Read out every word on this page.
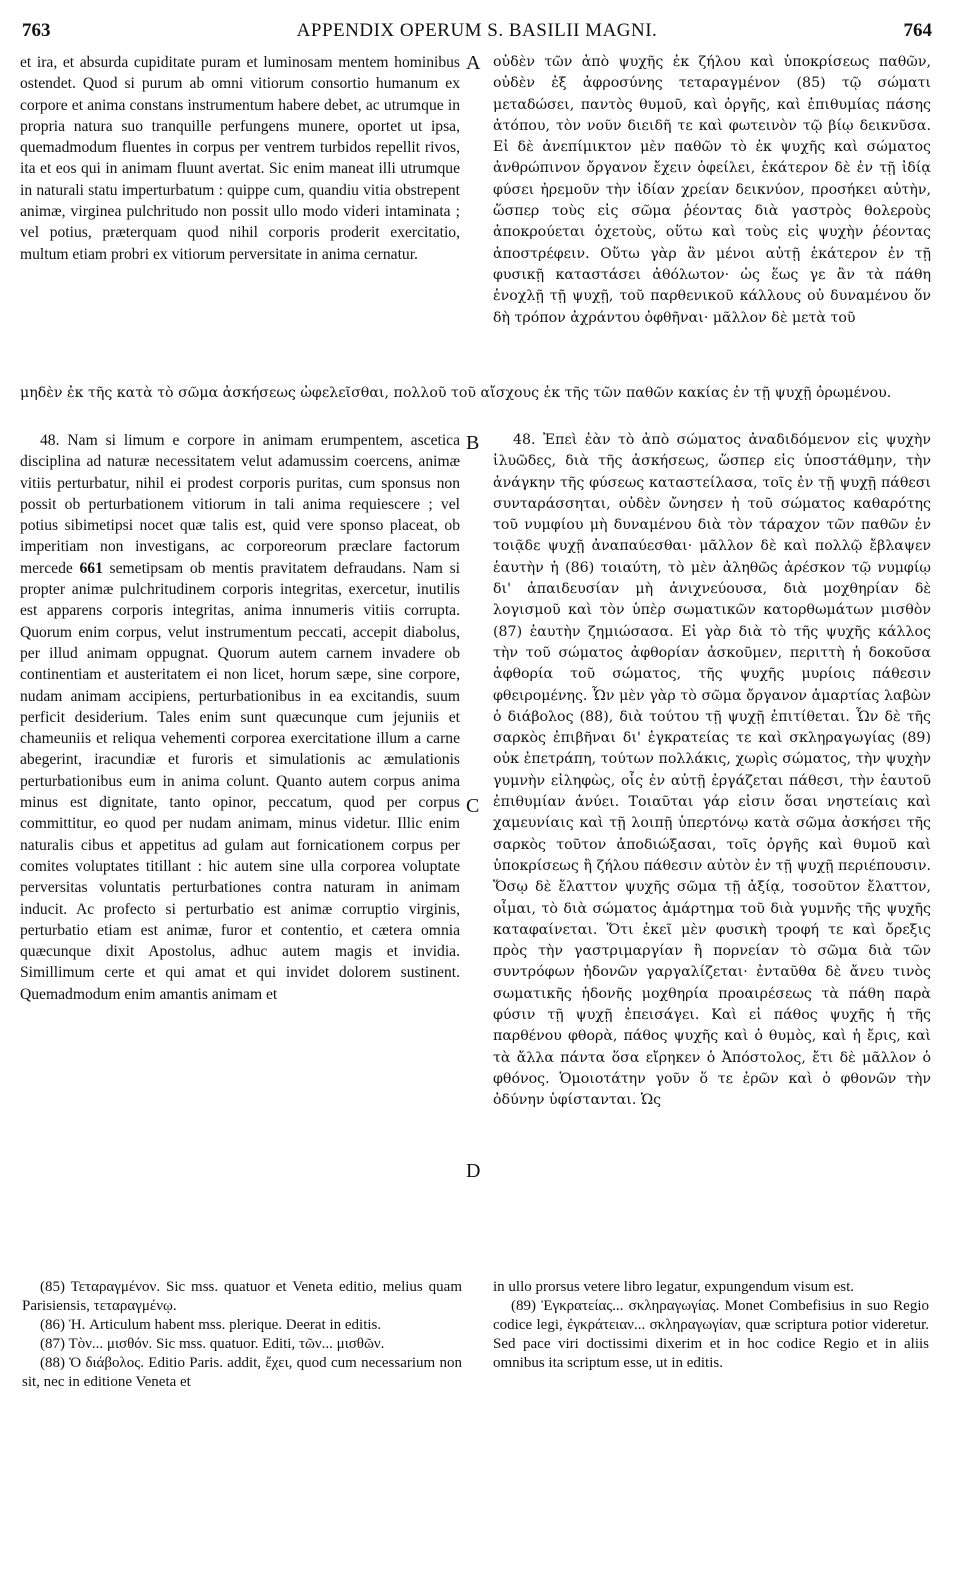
763	APPENDIX OPERUM S. BASILII MAGNI.	764

et ira, et absurda cupiditate puram et luminosam mentem hominibus ostendet. Quod si purum ab omni vitiorum consortio humanum ex corpore et anima constans instrumentum habere debet, ac utrumque in propria natura suo tranquille perfungens munere, oportet ut ipsa, quemadmodum fluentes in corpus per ventrem turbidos repellit rivos, ita et eos qui in animam fluunt avertat. Sic enim maneat illi utrumque in naturali statu imperturbatum : quippe cum, quandiu vitia obstrepent animæ, virginea pulchritudo non possit ullo modo videri intaminata ; vel potius, præterquam quod nihil corporis proderit exercitatio, multum etiam probri ex vitiorum perversitate in anima cernatur.

A οὐδὲν τῶν ἀπὸ ψυχῆς ἐκ ζήλου καὶ ὑποκρίσεως παθῶν, οὐδὲν ἐξ ἀφροσύνης τεταραγμένον (85) τῷ σώματι μεταδώσει, παντὸς θυμοῦ, καὶ ὀργῆς, καὶ ἐπιθυμίας πάσης ἀτόπου, τὸν νοῦν διειδῆ τε καὶ φωτεινὸν τῷ βίῳ δεικνῦσα. Εἰ δὲ ἀνεπίμικτον μὲν παθῶν τὸ ἐκ ψυχῆς καὶ σώματος ἀνθρώπινον ὄργανον ἔχειν ὀφείλει, ἑκάτερον δὲ ἐν τῇ ἰδίᾳ φύσει ἠρεμοῦν τὴν ἰδίαν χρείαν δεικνύον, προσήκει αὐτὴν, ὥσπερ τοὺς εἰς σῶμα ῥέοντας διὰ γαστρὸς θολεροὺς ἀποκρούεται ὀχετοὺς, οὕτω καὶ τοὺς εἰς ψυχὴν ῥέοντας ἀποστρέφειν. Οὕτω γὰρ ἂν μένοι αὐτῇ ἑκάτερον ἐν τῇ φυσικῇ καταστάσει ἀθόλωτον· ὡς ἕως γε ἂν τὰ πάθη ἐνοχλῇ τῇ ψυχῇ, τοῦ παρθενικοῦ κάλλους οὐ δυναμένου ὅν δὴ τρόπον ἀχράντου ὀφθῆναι· μᾶλλον δὲ μετὰ τοῦ

μηδὲν ἐκ τῆς κατὰ τὸ σῶμα ἀσκήσεως ὠφελεῖσθαι, πολλοῦ τοῦ αἴσχους ἐκ τῆς τῶν παθῶν κακίας ἐν τῇ ψυχῇ ὁρωμένου.

48. Nam si limum e corpore in animam erumpentem, ascetica disciplina ad naturæ necessitatem velut adamussim coercens, animæ vitiis perturbatur, nihil ei prodest corporis puritas, cum sponsus non possit ob perturbationem vitiorum in tali anima requiescere ; vel potius sibimetipsi nocet quæ talis est, quid vere sponso placeat, ob imperitiam non investigans, ac corporeorum præclare factorum mercede 661 semetipsam ob mentis pravitatem defraudans. Nam si propter animæ pulchritudinem corporis integritas, exercetur, inutilis est apparens corporis integritas, anima innumeris vitiis corrupta. Quorum enim corpus, velut instrumentum peccati, accepit diabolus, per illud animam oppugnat. Quorum autem carnem invadere ob continentiam et austeritatem ei non licet, horum sæpe, sine corpore, nudam animam accipiens, perturbationibus in ea excitandis, suum perficit desiderium. Tales enim sunt quæcunque cum jejuniis et chameuniis et reliqua vehementi corporea exercitatione illum a carne abegerint, iracundiæ et furoris et simulationis ac æmulationis perturbationibus eum in anima colunt. Quanto autem corpus anima minus est dignitate, tanto opinor, peccatum, quod per corpus committitur, eo quod per nudam animam, minus videtur. Illic enim naturalis cibus et appetitus ad gulam aut fornicationem corpus per comites voluptates titillant : hic autem sine ulla corporea voluptate perversitas voluntatis perturbationes contra naturam in animam inducit. Ac profecto si perturbatio est animæ corruptio virginis, perturbatio etiam est animæ, furor et contentio, et cætera omnia quæcunque dixit Apostolus, adhuc autem magis et invidia. Simillimum certe et qui amat et qui invidet dolorem sustinent. Quemadmodum enim amantis animam et

B
C
D

48. Ἐπεὶ ἐὰν τὸ ἀπὸ σώματος ἀναδιδόμενον εἰς ψυχὴν ἰλυῶδες, διὰ τῆς ἀσκήσεως, ὥσπερ εἰς ὑποστάθμην, τὴν ἀνάγκην τῆς φύσεως καταστείλασα, τοῖς ἐν τῇ ψυχῇ πάθεσι συνταράσσηται, οὐδὲν ὤνησεν ἡ τοῦ σώματος καθαρότης τοῦ νυμφίου μὴ δυναμένου διὰ τὸν τάραχον τῶν παθῶν ἐν τοιᾷδε ψυχῇ ἀναπαύεσθαι· μᾶλλον δὲ καὶ πολλῷ ἔβλαψεν ἑαυτὴν ἡ (86) τοιαύτη, τὸ μὲν ἀληθῶς ἀρέσκον τῷ νυμφίῳ δι' ἀπαιδευσίαν μὴ ἀνιχνεύουσα, διὰ μοχθηρίαν δὲ λογισμοῦ καὶ τὸν ὑπὲρ σωματικῶν κατορθωμάτων μισθὸν (87) ἑαυτὴν ζημιώσασα. Εἰ γὰρ διὰ τὸ τῆς ψυχῆς κάλλος τὴν τοῦ σώματος ἀφθορίαν ἀσκοῦμεν, περιττὴ ἡ δοκοῦσα ἀφθορία τοῦ σώματος, τῆς ψυχῆς μυρίοις πάθεσιν φθειρομένης. Ὧν μὲν γὰρ τὸ σῶμα ὄργανον ἁμαρτίας λαβὼν ὁ διάβολος (88), διὰ τούτου τῇ ψυχῇ ἐπιτίθεται. Ὧν δὲ τῆς σαρκὸς ἐπιβῆναι δι' ἐγκρατείας τε καὶ σκληραγωγίας (89) οὐκ ἐπετράπη, τούτων πολλάκις, χωρὶς σώματος, τὴν ψυχὴν γυμνὴν εἰληφὼς, οἷς ἐν αὐτῇ ἐργάζεται πάθεσι, τὴν ἑαυτοῦ ἐπιθυμίαν ἀνύει. Τοιαῦται γάρ εἰσιν ὅσαι νηστείαις καὶ χαμευνίαις καὶ τῇ λοιπῇ ὑπερτόνῳ κατὰ σῶμα ἀσκήσει τῆς σαρκὸς τοῦτον ἀποδιώξασαι, τοῖς ὀργῆς καὶ θυμοῦ καὶ ὑποκρίσεως ἢ ζήλου πάθεσιν αὐτὸν ἐν τῇ ψυχῇ περιέπουσιν. Ὅσῳ δὲ ἔλαττον ψυχῆς σῶμα τῇ ἀξίᾳ, τοσοῦτον ἔλαττον, οἶμαι, τὸ διὰ σώματος ἁμάρτημα τοῦ διὰ γυμνῆς τῆς ψυχῆς καταφαίνεται. Ὅτι ἐκεῖ μὲν φυσικὴ τροφή τε καὶ ὄρεξις πρὸς τὴν γαστριμαργίαν ἢ πορνείαν τὸ σῶμα διὰ τῶν συντρόφων ἡδονῶν γαργαλίζεται· ἐνταῦθα δὲ ἄνευ τινὸς σωματικῆς ἡδονῆς μοχθηρία προαιρέσεως τὰ πάθη παρὰ φύσιν τῇ ψυχῇ ἐπεισάγει. Καὶ εἰ πάθος ψυχῆς ἡ τῆς παρθένου φθορὰ, πάθος ψυχῆς καὶ ὁ θυμὸς, καὶ ἡ ἔρις, καὶ τὰ ἄλλα πάντα ὅσα εἴρηκεν ὁ Ἀπόστολος, ἔτι δὲ μᾶλλον ὁ φθόνος. Ὁμοιοτάτην γοῦν ὅ τε ἐρῶν καὶ ὁ φθονῶν τὴν ὀδύνην ὑφίστανται. Ὡς

(85) Τεταραγμένον. Sic mss. quatuor et Veneta editio, melius quam Parisiensis, τεταραγμένῳ.

(86) Ἡ. Articulum habent mss. plerique. Deerat in editis.

(87) Τὸν... μισθόν. Sic mss. quatuor. Editi, τῶν... μισθῶν.

(88) Ὁ διάβολος. Editio Paris. addit, ἔχει, quod cum necessarium non sit, nec in editione Veneta et

in ullo prorsus vetere libro legatur, expungendum visum est.

(89) Ἐγκρατείας... σκληραγωγίας. Monet Combefisius in suo Regio codice legi, ἐγκράτειαν... σκληραγωγίαν, quæ scriptura potior videretur. Sed pace viri doctissimi dixerim et in hoc codice Regio et in aliis omnibus ita scriptum esse, ut in editis.
